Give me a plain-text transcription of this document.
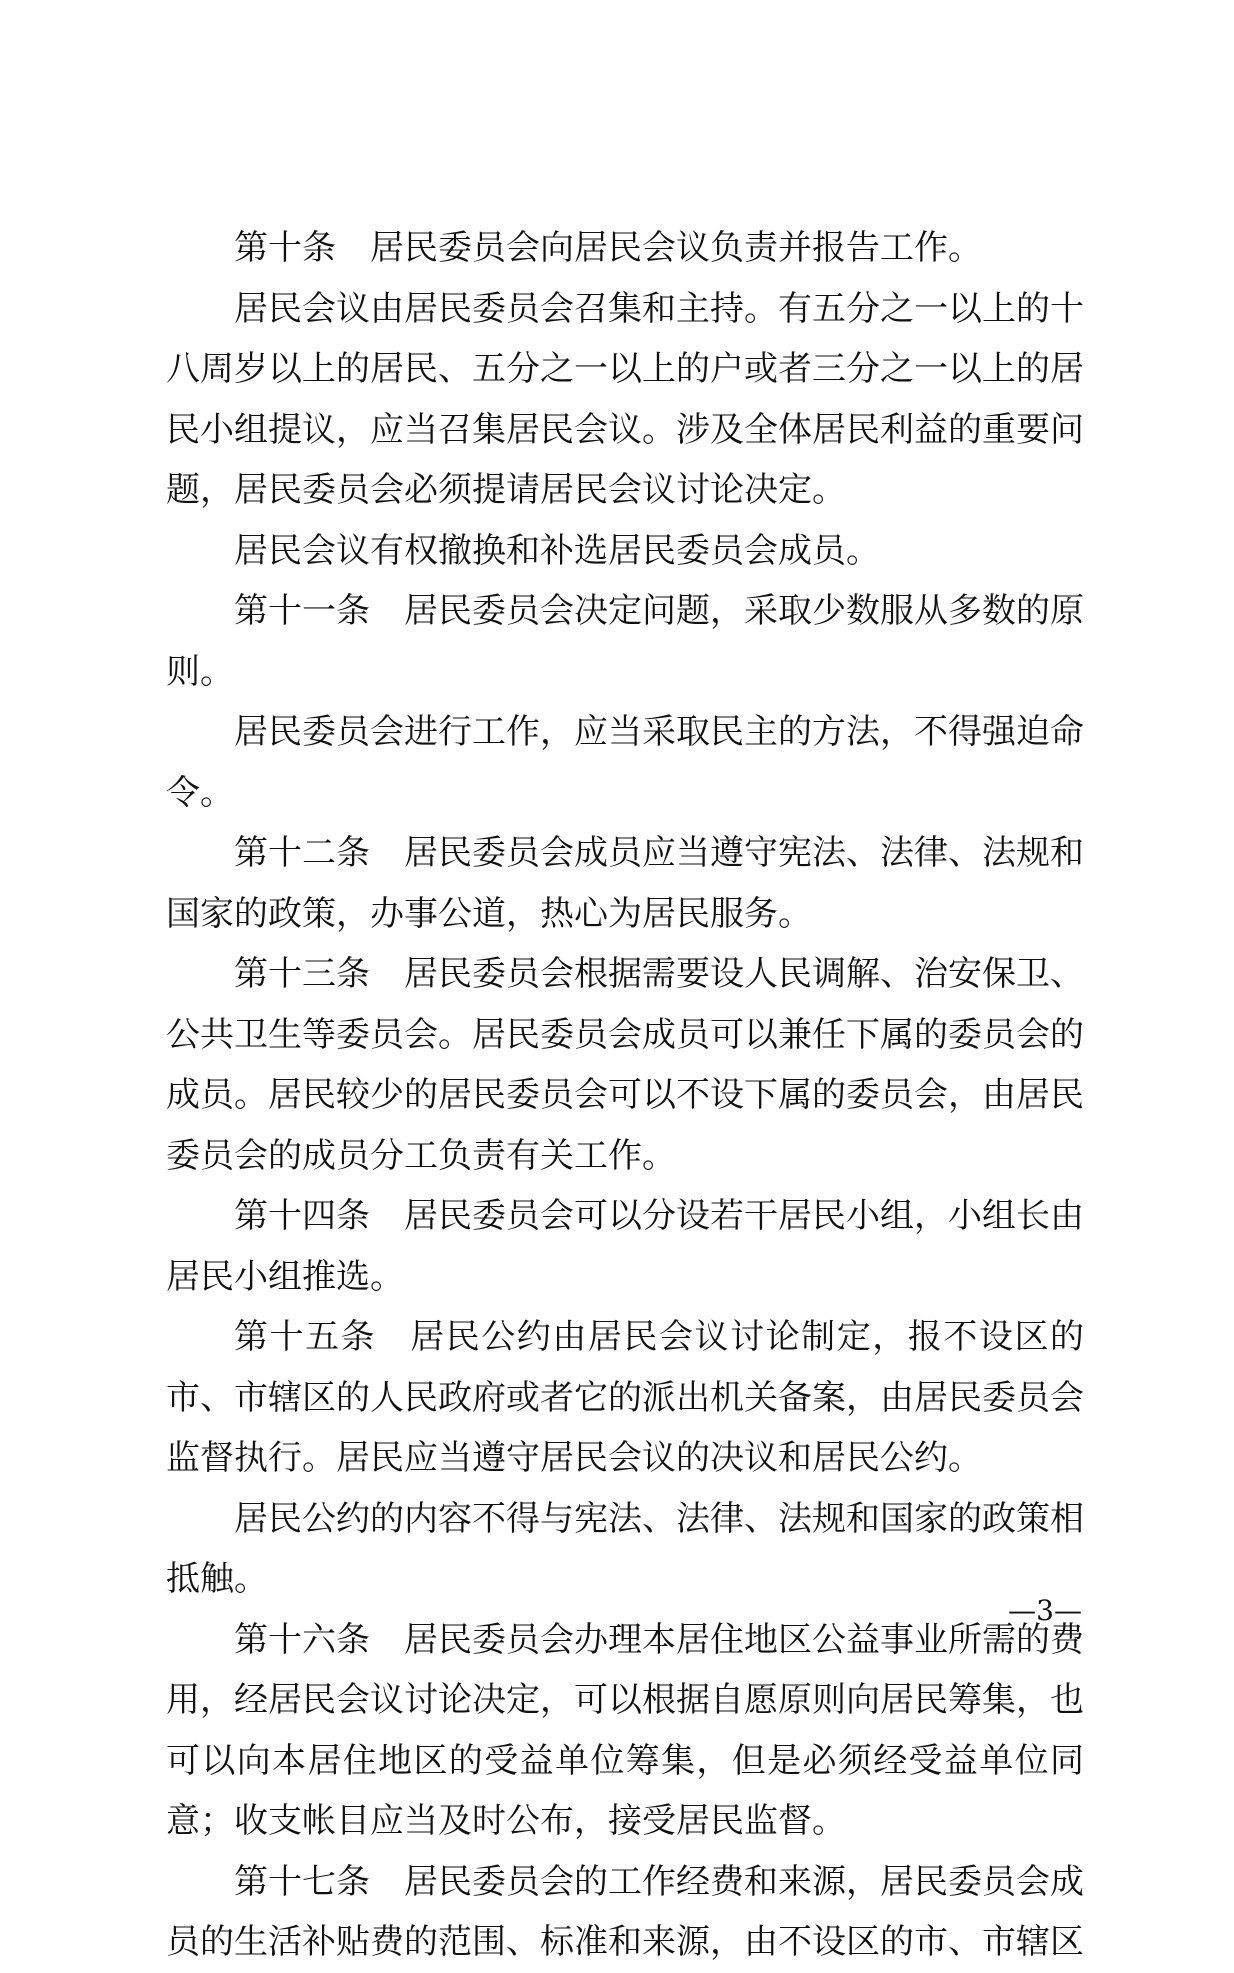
第十条 居民委员会向居民会议负责并报告工作。

居民会议由居民委员会召集和主持。有五分之一以上的十八周岁以上的居民、五分之一以上的户或者三分之一以上的居民小组提议，应当召集居民会议。涉及全体居民利益的重要问题，居民委员会必须提请居民会议讨论决定。

居民会议有权撤换和补选居民委员会成员。

第十一条 居民委员会决定问题，采取少数服从多数的原则。

居民委员会进行工作，应当采取民主的方法，不得强迫命令。

第十二条 居民委员会成员应当遵守宪法、法律、法规和国家的政策，办事公道，热心为居民服务。

第十三条 居民委员会根据需要设人民调解、治安保卫、公共卫生等委员会。居民委员会成员可以兼任下属的委员会的成员。居民较少的居民委员会可以不设下属的委员会，由居民委员会的成员分工负责有关工作。

第十四条 居民委员会可以分设若干居民小组，小组长由居民小组推选。

第十五条 居民公约由居民会议讨论制定，报不设区的市、市辖区的人民政府或者它的派出机关备案，由居民委员会监督执行。居民应当遵守居民会议的决议和居民公约。

居民公约的内容不得与宪法、法律、法规和国家的政策相抵触。

第十六条 居民委员会办理本居住地区公益事业所需的费用，经居民会议讨论决定，可以根据自愿原则向居民筹集，也可以向本居住地区的受益单位筹集，但是必须经受益单位同意；收支帐目应当及时公布，接受居民监督。

第十七条 居民委员会的工作经费和来源，居民委员会成员的生活补贴费的范围、标准和来源，由不设区的市、市辖区

—3—
